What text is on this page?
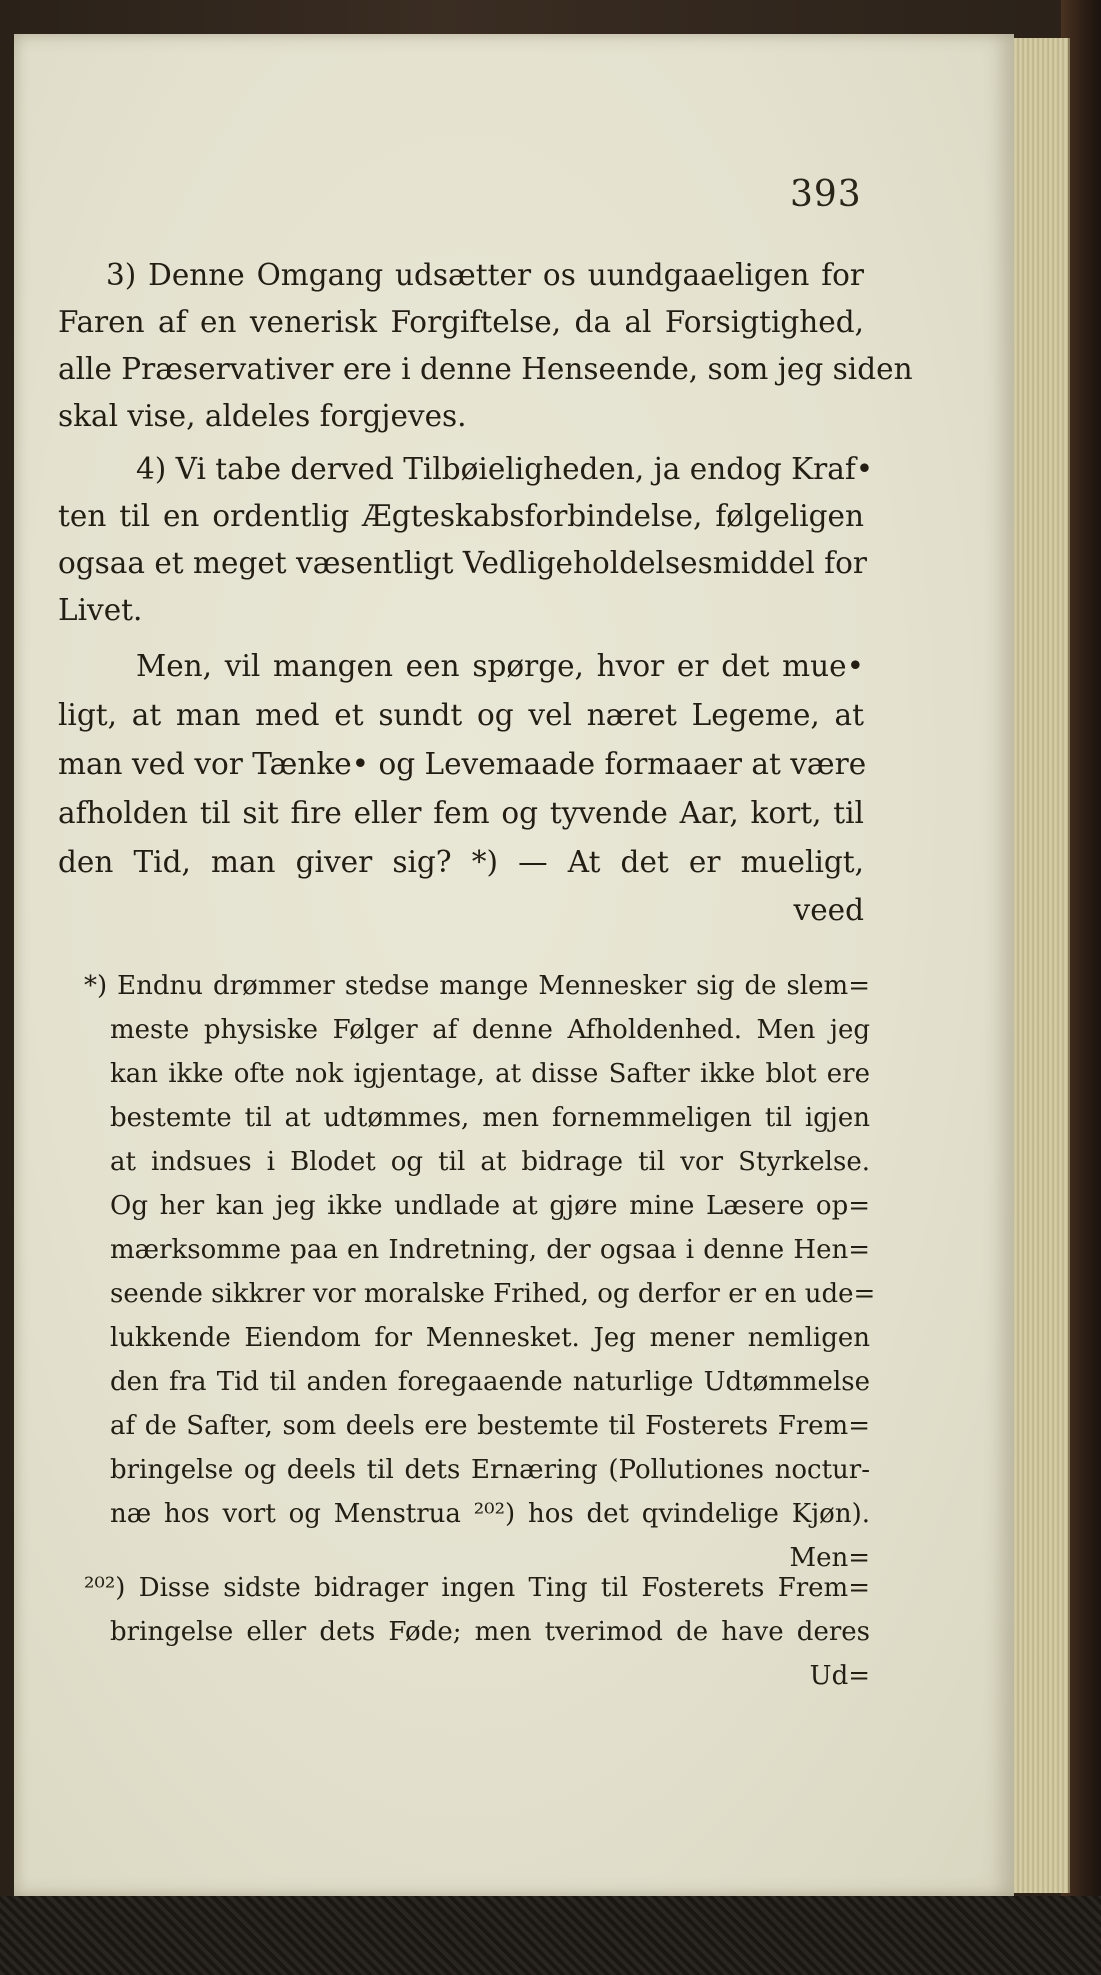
393
3) Denne Omgang udsætter os uundgaaeligen for
Faren af en venerisk Forgiftelse, da al Forsigtighed,
alle Præservativer ere i denne Henseende, som jeg siden
skal vise, aldeles forgjeves.
4) Vi tabe derved Tilbøieligheden, ja endog Kraf•
ten til en ordentlig Ægteskabsforbindelse, følgeligen
ogsaa et meget væsentligt Vedligeholdelsesmiddel for
Livet.
Men, vil mangen een spørge, hvor er det mue•
ligt, at man med et sundt og vel næret Legeme, at
man ved vor Tænke• og Levemaade formaaer at være
afholden til sit fire eller fem og tyvende Aar, kort, til
den Tid, man giver sig? *) — At det er mueligt,
veed
*) Endnu drømmer stedse mange Mennesker sig de slem=
meste physiske Følger af denne Afholdenhed. Men jeg
kan ikke ofte nok igjentage, at disse Safter ikke blot ere
bestemte til at udtømmes, men fornemmeligen til igjen
at indsues i Blodet og til at bidrage til vor Styrkelse.
Og her kan jeg ikke undlade at gjøre mine Læsere op=
mærksomme paa en Indretning, der ogsaa i denne Hen=
seende sikkrer vor moralske Frihed, og derfor er en ude=
lukkende Eiendom for Mennesket. Jeg mener nemligen
den fra Tid til anden foregaaende naturlige Udtømmelse
af de Safter, som deels ere bestemte til Fosterets Frem=
bringelse og deels til dets Ernæring (Pollutiones noctur-
næ hos vort og Menstrua ²⁰²) hos det qvindelige Kjøn).
Men=
²⁰²) Disse sidste bidrager ingen Ting til Fosterets Frem=
bringelse eller dets Føde; men tverimod de have deres
Ud=
